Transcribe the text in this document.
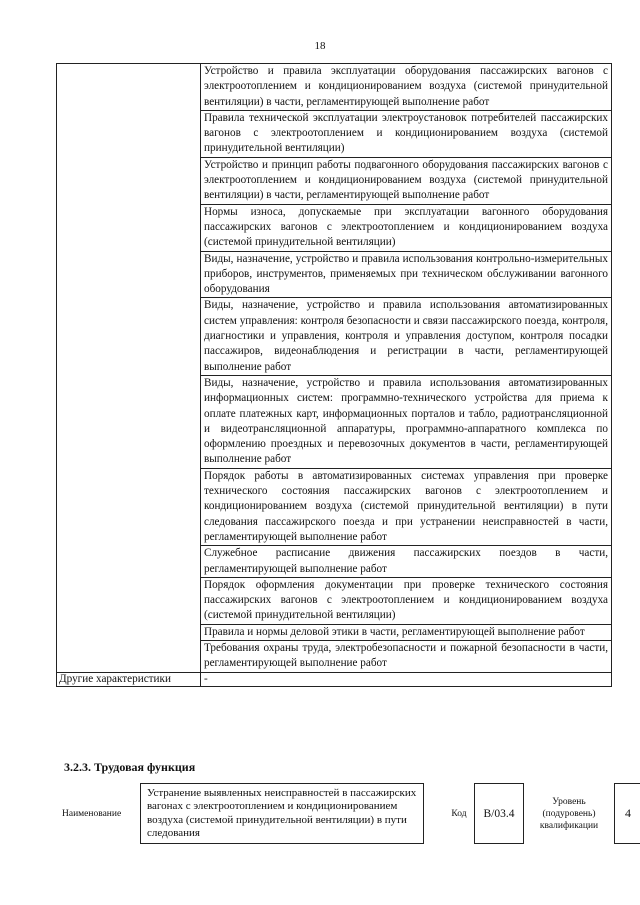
18
	Устройство и правила эксплуатации оборудования пассажирских вагонов с электроотоплением и кондиционированием воздуха (системой принудительной вентиляции) в части, регламентирующей выполнение работ
	Правила технической эксплуатации электроустановок потребителей пассажирских вагонов с электроотоплением и кондиционированием воздуха (системой принудительной вентиляции)
	Устройство и принцип работы подвагонного оборудования пассажирских вагонов с электроотоплением и кондиционированием воздуха (системой принудительной вентиляции) в части, регламентирующей выполнение работ
	Нормы износа, допускаемые при эксплуатации вагонного оборудования пассажирских вагонов с электроотоплением и кондиционированием воздуха (системой принудительной вентиляции)
	Виды, назначение, устройство и правила использования контрольно-измерительных приборов, инструментов, применяемых при техническом обслуживании вагонного оборудования
	Виды, назначение, устройство и правила использования автоматизированных систем управления: контроля безопасности и связи пассажирского поезда, контроля, диагностики и управления, контроля и управления доступом, контроля посадки пассажиров, видеонаблюдения и регистрации в части, регламентирующей выполнение работ
	Виды, назначение, устройство и правила использования автоматизированных информационных систем: программно-технического устройства для приема к оплате платежных карт, информационных порталов и табло, радиотрансляционной и видеотрансляционной аппаратуры, программно-аппаратного комплекса по оформлению проездных и перевозочных документов в части, регламентирующей выполнение работ
	Порядок работы в автоматизированных системах управления при проверке технического состояния пассажирских вагонов с электроотоплением и кондиционированием воздуха (системой принудительной вентиляции) в пути следования пассажирского поезда и при устранении неисправностей в части, регламентирующей выполнение работ
	Служебное расписание движения пассажирских поездов в части, регламентирующей выполнение работ
	Порядок оформления документации при проверке технического состояния пассажирских вагонов с электроотоплением и кондиционированием воздуха (системой принудительной вентиляции)
	Правила и нормы деловой этики в части, регламентирующей выполнение работ
	Требования охраны труда, электробезопасности и пожарной безопасности в части, регламентирующей выполнение работ
Другие характеристики	-
3.2.3. Трудовая функция
Наименование	Устранение выявленных неисправностей в пассажирских вагонах с электроотоплением и кондиционированием воздуха (системой принудительной вентиляции) в пути следования		Код	B/03.4		Уровень (подуровень) квалификации		4
